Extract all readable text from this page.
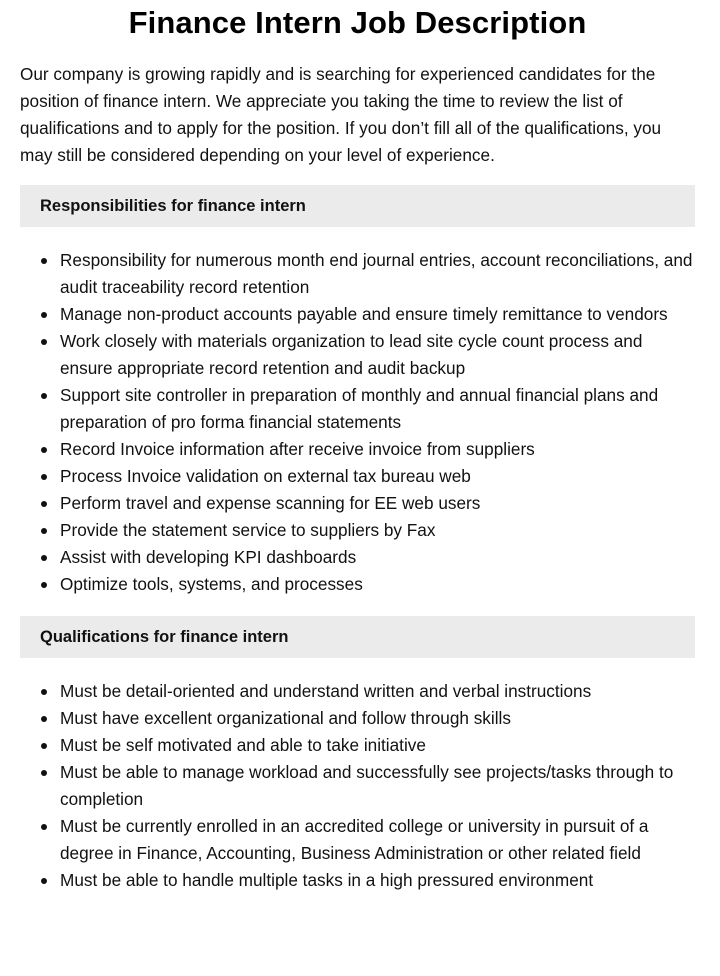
Finance Intern Job Description

Our company is growing rapidly and is searching for experienced candidates for the position of finance intern. We appreciate you taking the time to review the list of qualifications and to apply for the position. If you don’t fill all of the qualifications, you may still be considered depending on your level of experience.

Responsibilities for finance intern
Responsibility for numerous month end journal entries, account reconciliations, and audit traceability record retention
Manage non-product accounts payable and ensure timely remittance to vendors
Work closely with materials organization to lead site cycle count process and ensure appropriate record retention and audit backup
Support site controller in preparation of monthly and annual financial plans and preparation of pro forma financial statements
Record Invoice information after receive invoice from suppliers
Process Invoice validation on external tax bureau web
Perform travel and expense scanning for EE web users
Provide the statement service to suppliers by Fax
Assist with developing KPI dashboards
Optimize tools, systems, and processes
Qualifications for finance intern
Must be detail-oriented and understand written and verbal instructions
Must have excellent organizational and follow through skills
Must be self motivated and able to take initiative
Must be able to manage workload and successfully see projects/tasks through to completion
Must be currently enrolled in an accredited college or university in pursuit of a degree in Finance, Accounting, Business Administration or other related field
Must be able to handle multiple tasks in a high pressured environment
